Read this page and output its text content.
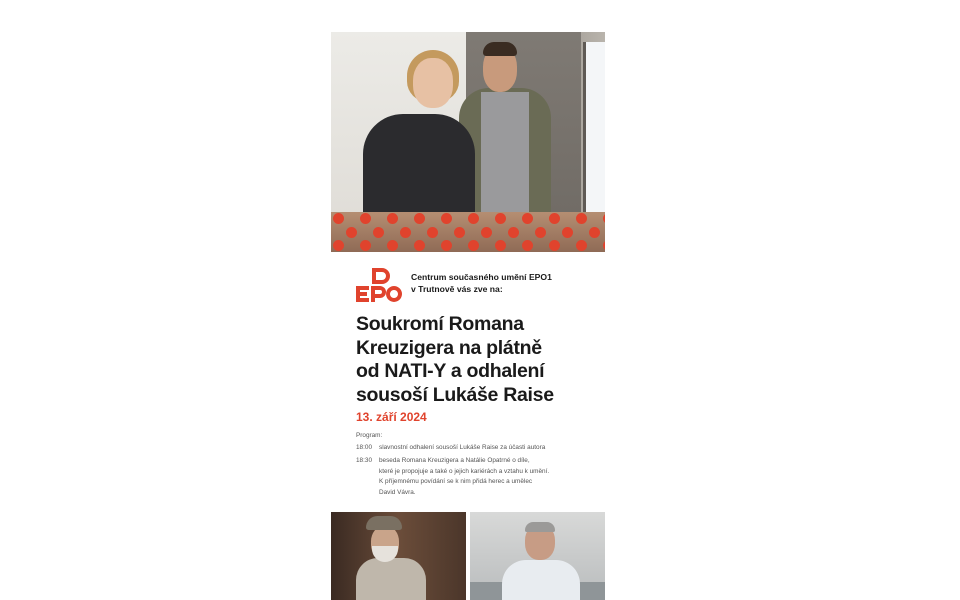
Centrum současného umění EPO1
v Trutnově vás zve na:
Soukromí Romana
Kreuzigera na plátně
od NATI-Y a odhalení
sousoší Lukáše Raise
13. září 2024
Program:
18:00	slavnostní odhalení sousoší Lukáše Raise za účasti autora
18:30	beseda Romana Kreuzigera a Natálie Opatrné o díle,
které je propojuje a také o jejich kariérách a vztahu k umění.
K příjemnému povídání se k nim přidá herec a umělec
David Vávra.
